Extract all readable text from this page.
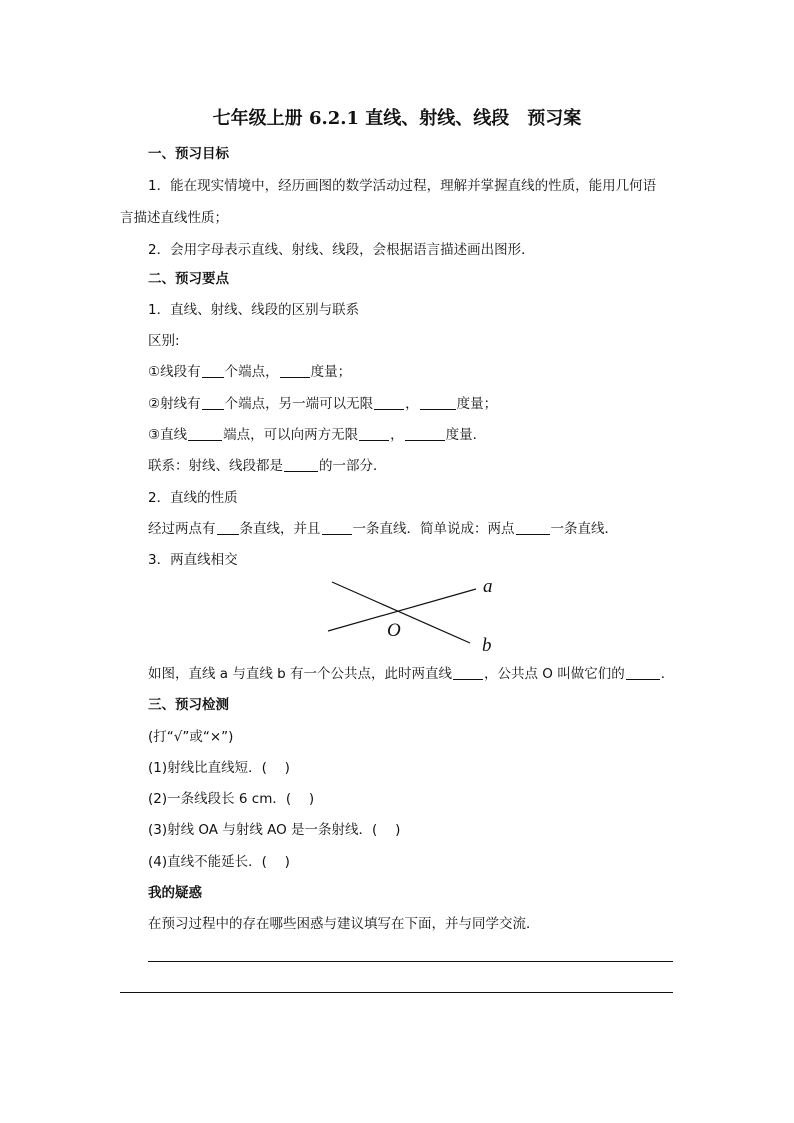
七年级上册 6.2.1 直线、射线、线段　预习案
一、预习目标
1．能在现实情境中，经历画图的数学活动过程，理解并掌握直线的性质，能用几何语
言描述直线性质；
2．会用字母表示直线、射线、线段，会根据语言描述画出图形．
二、预习要点
1．直线、射线、线段的区别与联系
区别:
①线段有 个端点， 度量；
②射线有 个端点，另一端可以无限 ，	度量；
③直线	端点，可以向两方无限 ，	度量．
联系：射线、线段都是	的一部分．
2．直线的性质
经过两点有 条直线，并且 一条直线．简单说成：两点	一条直线．
3．两直线相交
a
b
O
如图，直线 a 与直线 b 有一个公共点，此时两直线 ，公共点 O 叫做它们的	．
三、预习检测
(打“√”或“×”)
(1)射线比直线短．(　 )
(2)一条线段长 6 cm．(　 )
(3)射线 OA 与射线 AO 是一条射线．(　 )
(4)直线不能延长．(　 )
我的疑惑
在预习过程中的存在哪些困惑与建议填写在下面，并与同学交流．
